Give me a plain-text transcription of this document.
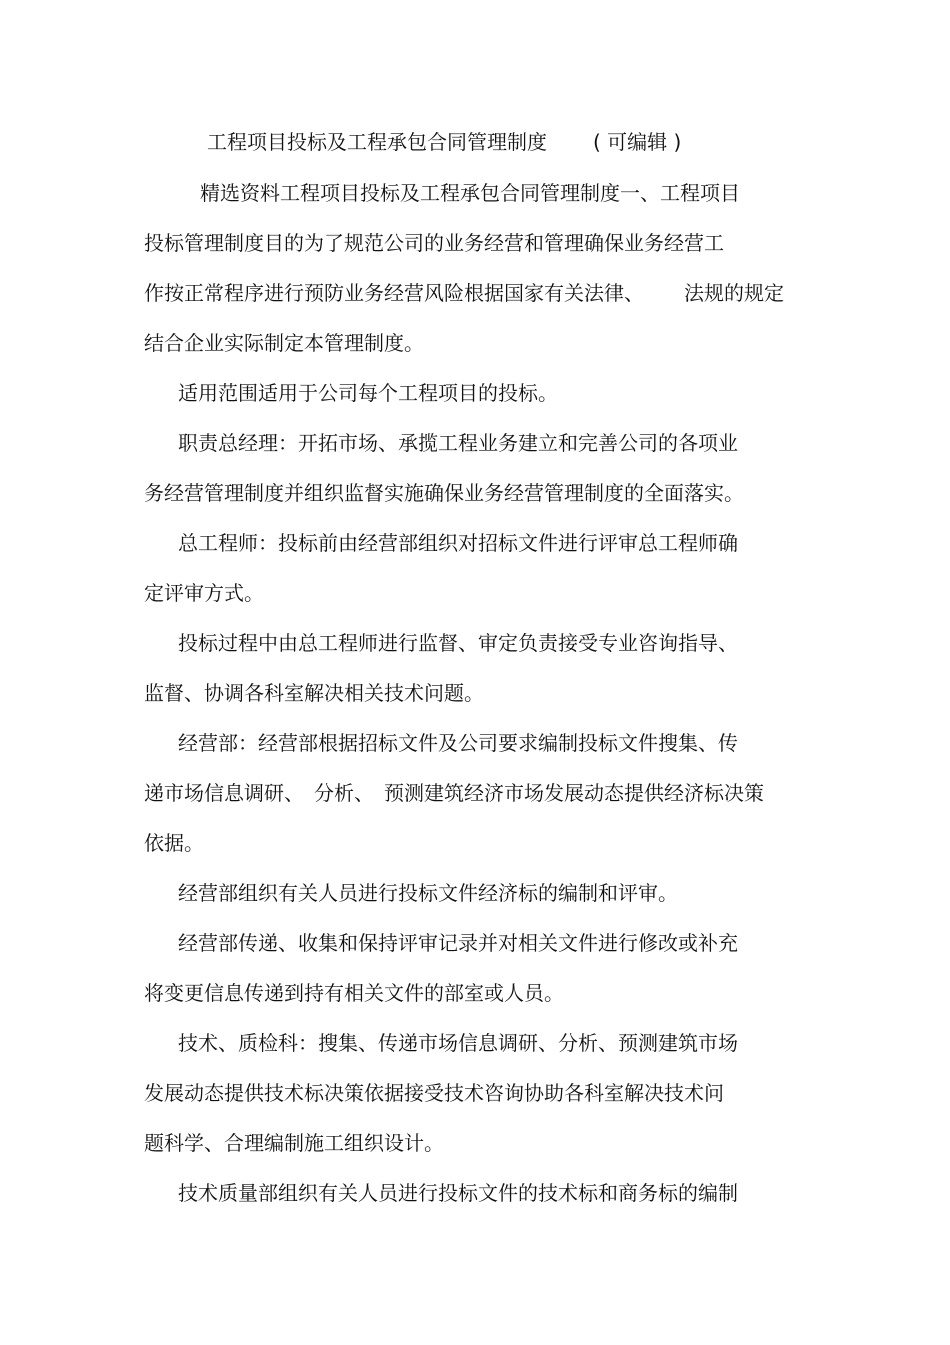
工程项目投标及工程承包合同管理制度 ( 可编辑 )
精选资料工程项目投标及工程承包合同管理制度一、工程项目
投标管理制度目的为了规范公司的业务经营和管理确保业务经营工
作按正常程序进行预防业务经营风险根据国家有关法律、 法规的规定
结合企业实际制定本管理制度。
适用范围适用于公司每个工程项目的投标。
职责总经理：开拓市场、承揽工程业务建立和完善公司的各项业
务经营管理制度并组织监督实施确保业务经营管理制度的全面落实。
总工程师：投标前由经营部组织对招标文件进行评审总工程师确
定评审方式。
投标过程中由总工程师进行监督、审定负责接受专业咨询指导、
监督、协调各科室解决相关技术问题。
经营部：经营部根据招标文件及公司要求编制投标文件搜集、传
递市场信息调研、 分析、 预测建筑经济市场发展动态提供经济标决策
依据。
经营部组织有关人员进行投标文件经济标的编制和评审。
经营部传递、收集和保持评审记录并对相关文件进行修改或补充
将变更信息传递到持有相关文件的部室或人员。
技术、质检科：搜集、传递市场信息调研、分析、预测建筑市场
发展动态提供技术标决策依据接受技术咨询协助各科室解决技术问
题科学、合理编制施工组织设计。
技术质量部组织有关人员进行投标文件的技术标和商务标的编制
